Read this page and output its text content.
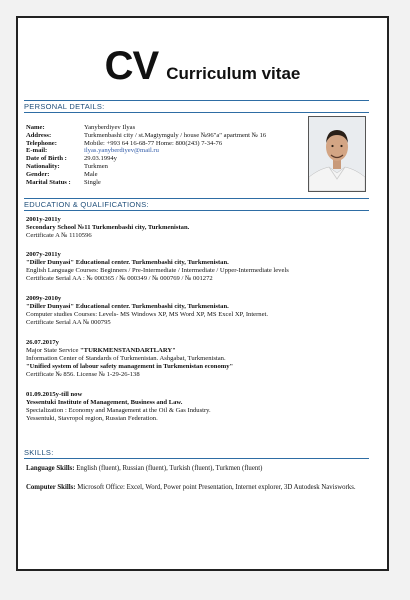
CV Curriculum vitae
PERSONAL DETAILS:
Name:	Yanyberdiyev Ilyas
Address:	Turkmenbashi city / st.Magtymguly / house №96"a" apartment № 16
Telephone:	Mobile: +993 64 16-68-77 Home: 800(243) 7-34-76
E-mail:	ilyas.yanyberdiyev@mail.ru
Date of Birth :	29.03.1994y
Nationality:	Turkmen
Gender:	Male
Marital Status :	Single
EDUCATION & QUALIFICATIONS:
2001y-2011y
Secondary School №11 Turkmenbashi city, Turkmenistan.
Certificate A № 1110596
2007y-2011y
"Diller Dunyasi" Educational center. Turkmenbashi city, Turkmenistan.
English Language Courses: Beginners / Pre-Intermediate / Intermediate / Upper-Intermediate levels
Certificate Serial AA : № 000365 / № 000349 / № 000769 / № 001272
2009y-2010y
"Diller Dunyasi" Educational center. Turkmenbashi city, Turkmenistan.
Computer studies Courses: Levels- MS Windows XP, MS Word XP, MS Excel XP, Internet.
Certificate Serial AA № 000795
26.07.2017y
Major State Service "TURKMENSTANDARTLARY"
Information Center of Standards of Turkmenistan. Ashgabat, Turkmenistan.
"Unified system of labour safety management in Turkmenistan economy"
Certificate № 856. License № 1-29-26-138
01.09.2015y-till now
Yessentuki Institute of Management, Business and Law.
Specialization : Economy and Management at the Oil & Gas Industry.
Yessentuki, Stavropol region, Russian Federation.
SKILLS:
Language Skills: English (fluent), Russian (fluent), Turkish (fluent), Turkmen (fluent)
Computer Skills: Microsoft Office: Excel, Word, Power point Presentation, Internet explorer, 3D Autodesk Navisworks.
